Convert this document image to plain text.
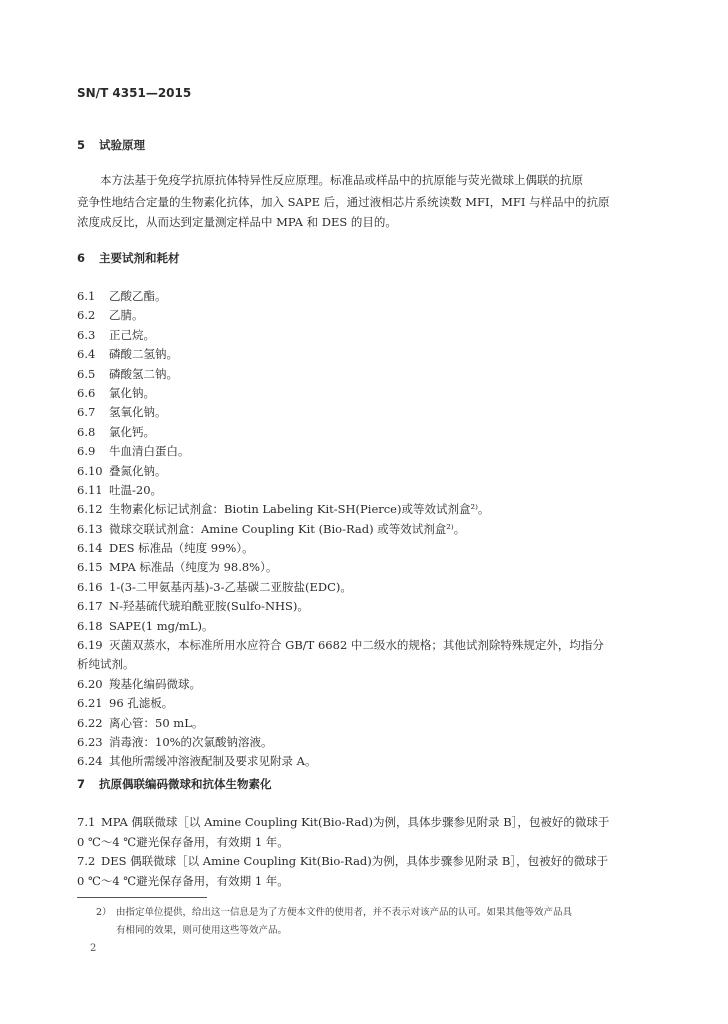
SN/T 4351—2015
5 试验原理
本方法基于免疫学抗原抗体特异性反应原理。标准品或样品中的抗原能与荧光微球上偶联的抗原
竞争性地结合定量的生物素化抗体，加入 SAPE 后，通过液相芯片系统读数 MFI，MFI 与样品中的抗原
浓度成反比，从而达到定量测定样品中 MPA 和 DES 的目的。
6 主要试剂和耗材
6.1 乙酸乙酯。
6.2 乙腈。
6.3 正己烷。
6.4 磷酸二氢钠。
6.5 磷酸氢二钠。
6.6 氯化钠。
6.7 氢氧化钠。
6.8 氯化钙。
6.9 牛血清白蛋白。
6.10 叠氮化钠。
6.11 吐温-20。
6.12 生物素化标记试剂盒：Biotin Labeling Kit-SH(Pierce)或等效试剂盒²⁾。
6.13 微球交联试剂盒：Amine Coupling Kit (Bio-Rad) 或等效试剂盒²⁾。
6.14 DES 标准品（纯度 99%）。
6.15 MPA 标准品（纯度为 98.8%）。
6.16 1-(3-二甲氨基丙基)-3-乙基碳二亚胺盐(EDC)。
6.17 N-羟基硫代琥珀酰亚胺(Sulfo-NHS)。
6.18 SAPE(1 mg/mL)。
6.19 灭菌双蒸水，本标准所用水应符合 GB/T 6682 中二级水的规格；其他试剂除特殊规定外，均指分
析纯试剂。
6.20 羧基化编码微球。
6.21 96 孔滤板。
6.22 离心管：50 mL。
6.23 消毒液：10%的次氯酸钠溶液。
6.24 其他所需缓冲溶液配制及要求见附录 A。
7 抗原偶联编码微球和抗体生物素化
7.1 MPA 偶联微球［以 Amine Coupling Kit(Bio-Rad)为例，具体步骤参见附录 B］，包被好的微球于
0 ℃～4 ℃避光保存备用，有效期 1 年。
7.2 DES 偶联微球［以 Amine Coupling Kit(Bio-Rad)为例，具体步骤参见附录 B］，包被好的微球于
0 ℃～4 ℃避光保存备用，有效期 1 年。
2） 由指定单位提供，给出这一信息是为了方便本文件的使用者，并不表示对该产品的认可。如果其他等效产品具
有相同的效果，则可使用这些等效产品。
2
